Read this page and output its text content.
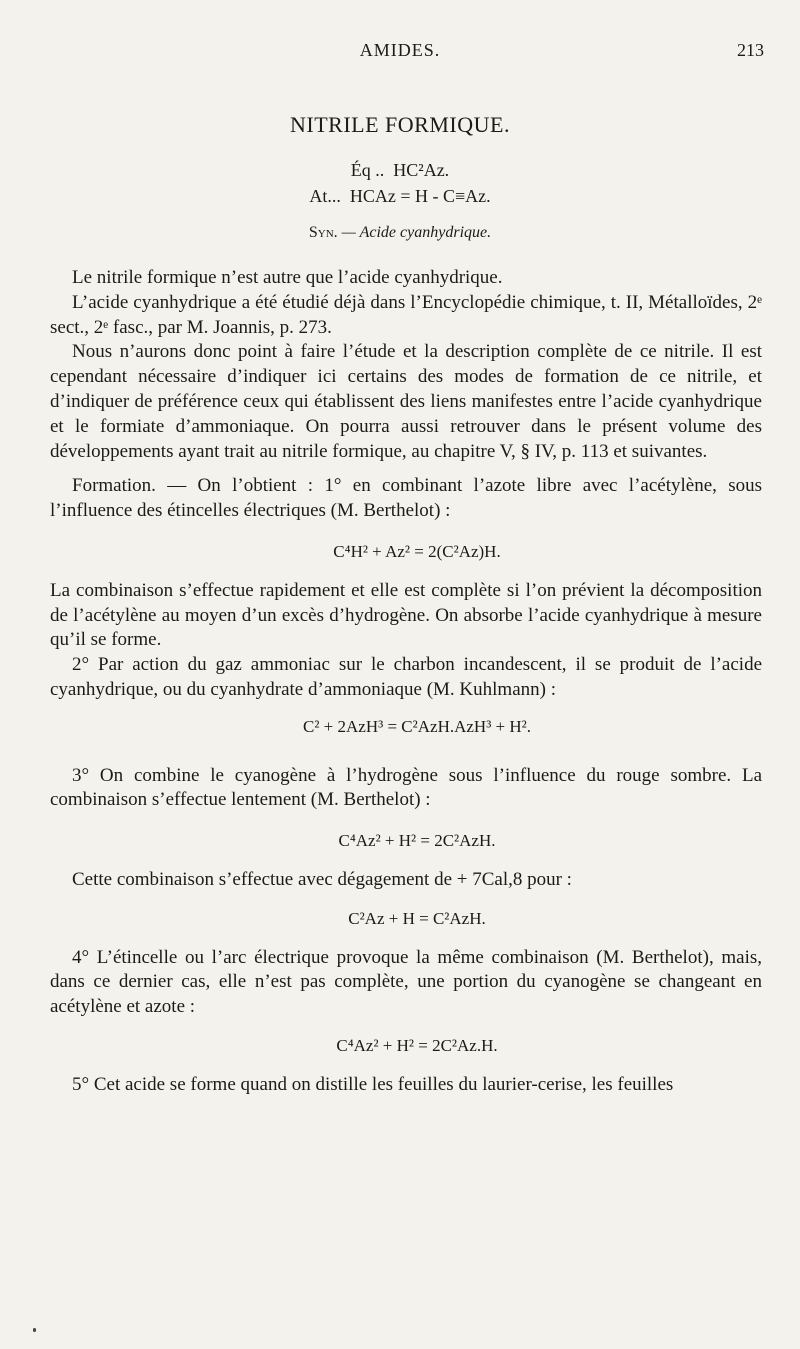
AMIDES.	213
NITRILE FORMIQUE.
Éq .. HC²Az.
At... HCAz = H - C≡Az.
Syn. — Acide cyanhydrique.

Le nitrile formique n’est autre que l’acide cyanhydrique.

L’acide cyanhydrique a été étudié déjà dans l’Encyclopédie chimique, t. II, Métalloïdes, 2ᵉ sect., 2ᵉ fasc., par M. Joannis, p. 273.

Nous n’aurons donc point à faire l’étude et la description complète de ce nitrile. Il est cependant nécessaire d’indiquer ici certains des modes de formation de ce nitrile, et d’indiquer de préférence ceux qui établissent des liens manifestes entre l’acide cyanhydrique et le formiate d’ammoniaque. On pourra aussi retrouver dans le présent volume des développements ayant trait au nitrile formique, au chapitre V, § IV, p. 113 et suivantes.

Formation. — On l’obtient : 1° en combinant l’azote libre avec l’acétylène, sous l’influence des étincelles électriques (M. Berthelot) :

C⁴H² + Az² = 2(C²Az)H.

La combinaison s’effectue rapidement et elle est complète si l’on prévient la décomposition de l’acétylène au moyen d’un excès d’hydrogène. On absorbe l’acide cyanhydrique à mesure qu’il se forme.

2° Par action du gaz ammoniac sur le charbon incandescent, il se produit de l’acide cyanhydrique, ou du cyanhydrate d’ammoniaque (M. Kuhlmann) :

C² + 2AzH³ = C²AzH.AzH³ + H².

3° On combine le cyanogène à l’hydrogène sous l’influence du rouge sombre. La combinaison s’effectue lentement (M. Berthelot) :

C⁴Az² + H² = 2C²AzH.

Cette combinaison s’effectue avec dégagement de + 7Cal,8 pour :

C²Az + H = C²AzH.

4° L’étincelle ou l’arc électrique provoque la même combinaison (M. Berthelot), mais, dans ce dernier cas, elle n’est pas complète, une portion du cyanogène se changeant en acétylène et azote :

C⁴Az² + H² = 2C²Az.H.

5° Cet acide se forme quand on distille les feuilles du laurier-cerise, les feuilles
